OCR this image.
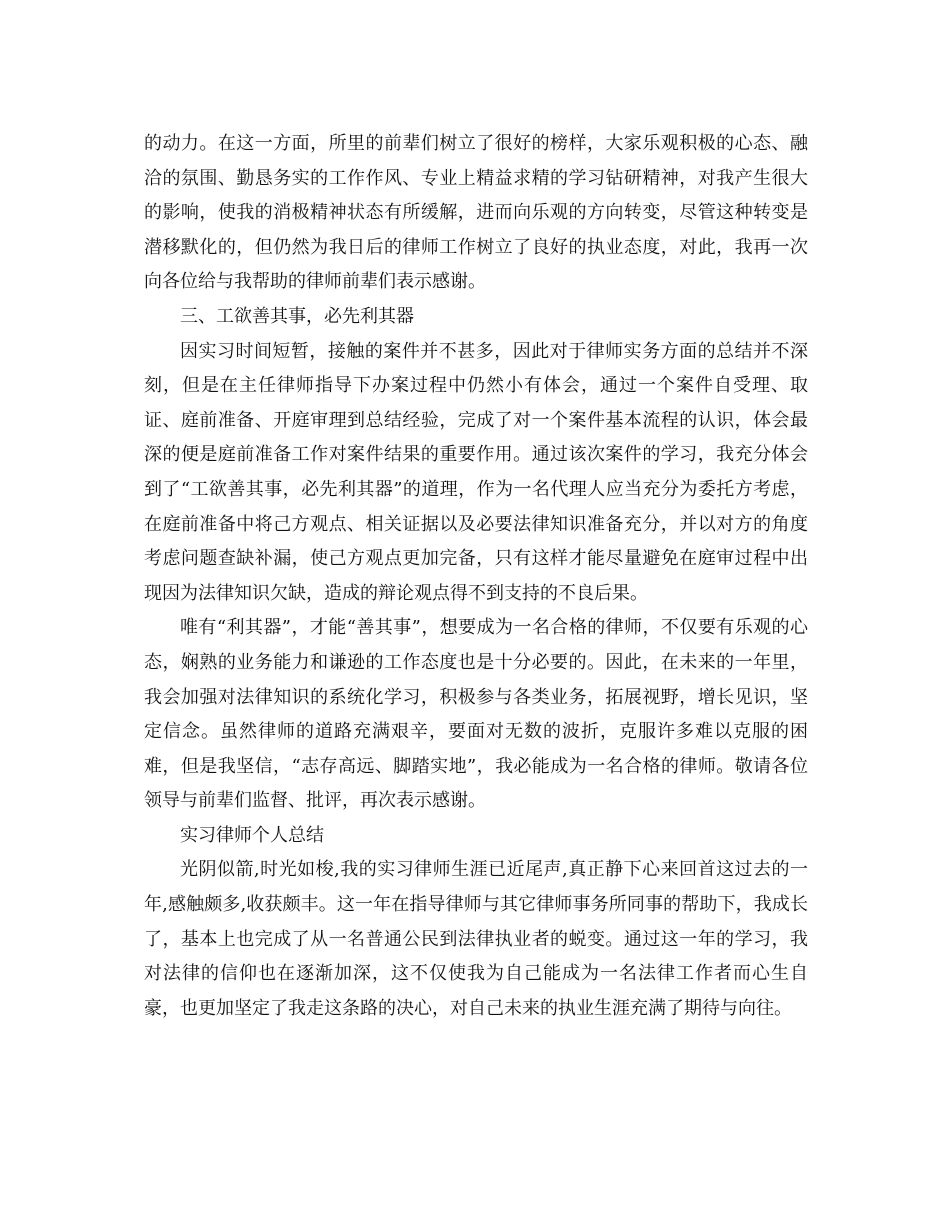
的动力。在这一方面，所里的前辈们树立了很好的榜样，大家乐观积极的心态、融洽的氛围、勤恳务实的工作作风、专业上精益求精的学习钻研精神，对我产生很大的影响，使我的消极精神状态有所缓解，进而向乐观的方向转变，尽管这种转变是潜移默化的，但仍然为我日后的律师工作树立了良好的执业态度，对此，我再一次向各位给与我帮助的律师前辈们表示感谢。

三、工欲善其事，必先利其器

因实习时间短暂，接触的案件并不甚多，因此对于律师实务方面的总结并不深刻，但是在主任律师指导下办案过程中仍然小有体会，通过一个案件自受理、取证、庭前准备、开庭审理到总结经验，完成了对一个案件基本流程的认识，体会最深的便是庭前准备工作对案件结果的重要作用。通过该次案件的学习，我充分体会到了“工欲善其事，必先利其器”的道理，作为一名代理人应当充分为委托方考虑，在庭前准备中将己方观点、相关证据以及必要法律知识准备充分，并以对方的角度考虑问题查缺补漏，使己方观点更加完备，只有这样才能尽量避免在庭审过程中出现因为法律知识欠缺，造成的辩论观点得不到支持的不良后果。

唯有“利其器”，才能“善其事”，想要成为一名合格的律师，不仅要有乐观的心态，娴熟的业务能力和谦逊的工作态度也是十分必要的。因此，在未来的一年里，我会加强对法律知识的系统化学习，积极参与各类业务，拓展视野，增长见识，坚定信念。虽然律师的道路充满艰辛，要面对无数的波折，克服许多难以克服的困难，但是我坚信，“志存高远、脚踏实地”，我必能成为一名合格的律师。敬请各位领导与前辈们监督、批评，再次表示感谢。

实习律师个人总结

光阴似箭,时光如梭,我的实习律师生涯已近尾声,真正静下心来回首这过去的一年,感触颇多,收获颇丰。这一年在指导律师与其它律师事务所同事的帮助下，我成长了，基本上也完成了从一名普通公民到法律执业者的蜕变。通过这一年的学习，我对法律的信仰也在逐渐加深，这不仅使我为自己能成为一名法律工作者而心生自豪，也更加坚定了我走这条路的决心，对自己未来的执业生涯充满了期待与向往。
